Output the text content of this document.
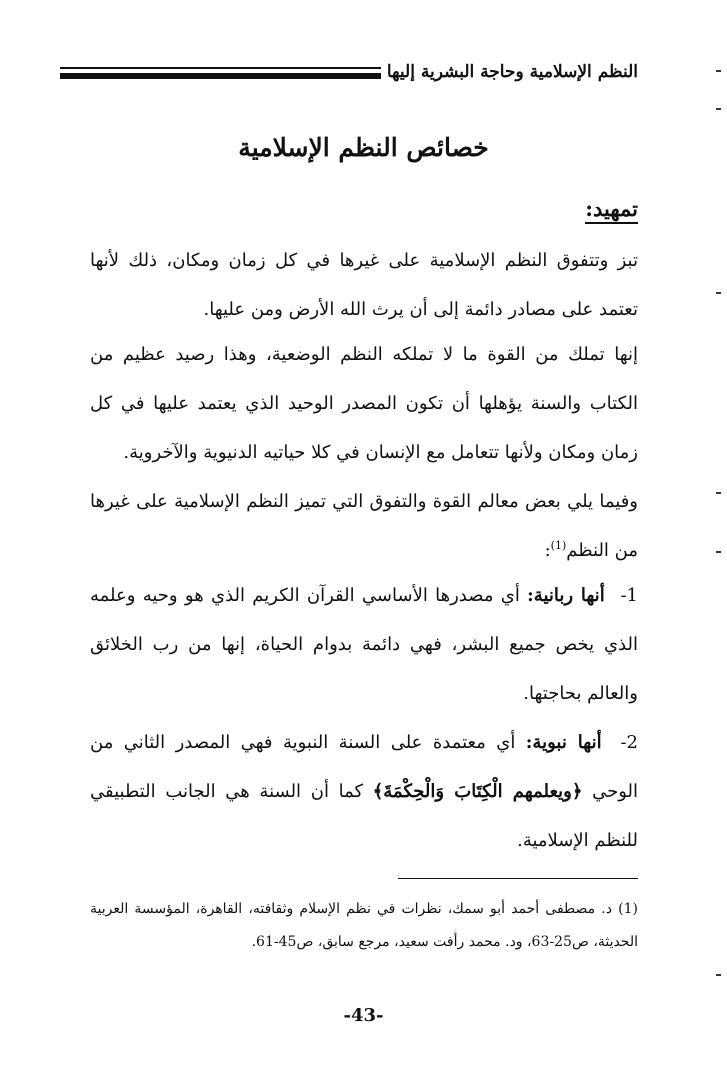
النظم الإسلامية وحاجة البشرية إليها
خصائص النظم الإسلامية
تمهيد:

تبز وتتفوق النظم الإسلامية على غيرها في كل زمان ومكان، ذلك لأنها تعتمد على مصادر دائمة إلى أن يرث الله الأرض ومن عليها.

إنها تملك من القوة ما لا تملكه النظم الوضعية، وهذا رصيد عظيم من الكتاب والسنة يؤهلها أن تكون المصدر الوحيد الذي يعتمد عليها في كل زمان ومكان ولأنها تتعامل مع الإنسان في كلا حياتيه الدنيوية والآخروية.

وفيما يلي بعض معالم القوة والتفوق التي تميز النظم الإسلامية على غيرها من النظم$^{(1)}$:

1- أنها ربانية: أي مصدرها الأساسي القرآن الكريم الذي هو وحيه وعلمه الذي يخص جميع البشر، فهي دائمة بدوام الحياة، إنها من رب الخلائق والعالم بحاجتها.
2- أنها نبوية: أي معتمدة على السنة النبوية فهي المصدر الثاني من الوحي ﴿ويعلمهم الْكِتَابَ وَالْحِكْمَةَ﴾ كما أن السنة هي الجانب التطبيقي للنظم الإسلامية.

(1) د. مصطفى أحمد أبو سمك، نظرات في نظم الإسلام وثقافته، القاهرة، المؤسسة العربية الحديثة، ص25-63، ود. محمد رأفت سعيد، مرجع سابق، ص45-61.

-43-
